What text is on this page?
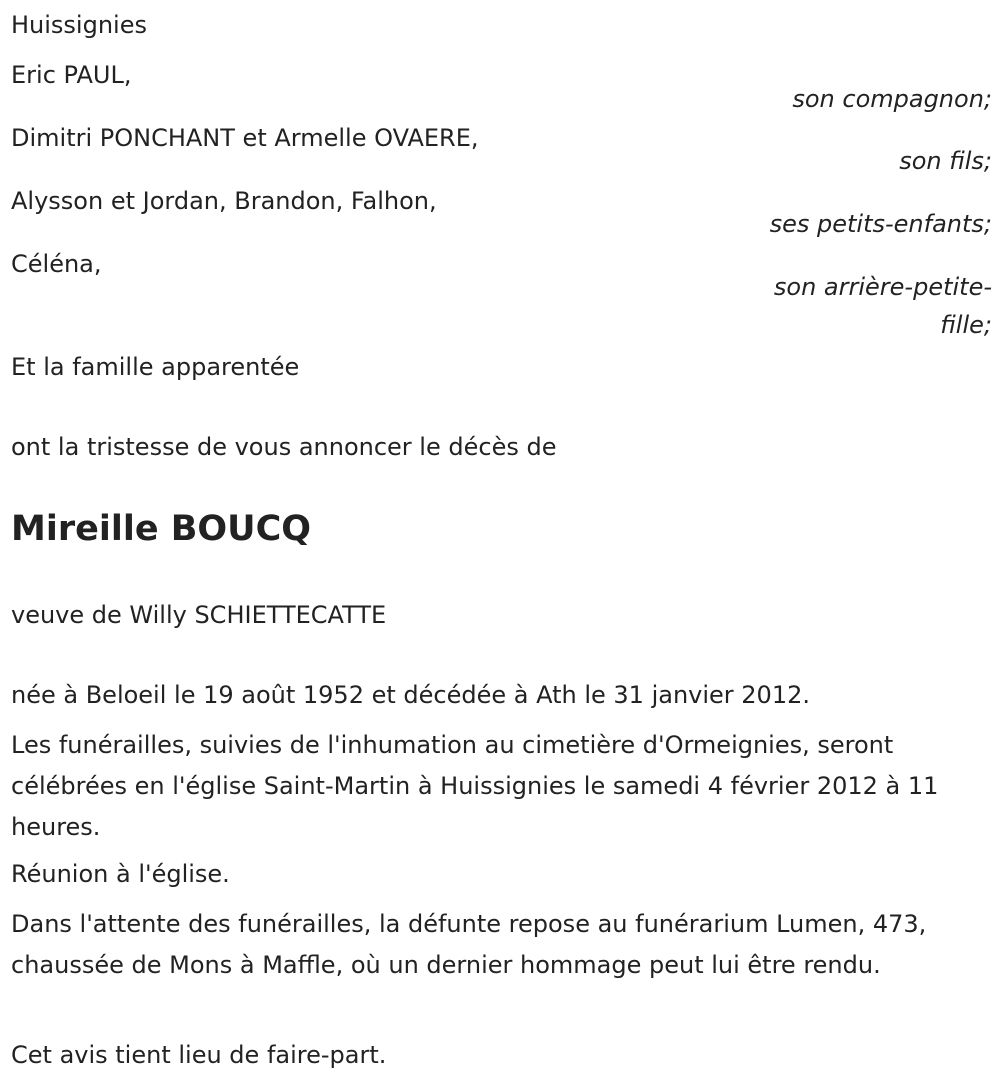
Huissignies
Eric PAUL,
son compagnon;
Dimitri PONCHANT et Armelle OVAERE,
son fils;
Alysson et Jordan, Brandon, Falhon,
ses petits-enfants;
Céléna,
son arrière-petite-fille;
Et la famille apparentée
ont la tristesse de vous annoncer le décès de
Mireille BOUCQ
veuve de Willy SCHIETTECATTE
née à Beloeil le 19 août 1952 et décédée à Ath le 31 janvier 2012.
Les funérailles, suivies de l'inhumation au cimetière d'Ormeignies, seront célébrées en l'église Saint-Martin à Huissignies le samedi 4 février 2012 à 11 heures.
Réunion à l'église.
Dans l'attente des funérailles, la défunte repose au funérarium Lumen, 473, chaussée de Mons à Maffle, où un dernier hommage peut lui être rendu.
Cet avis tient lieu de faire-part.
